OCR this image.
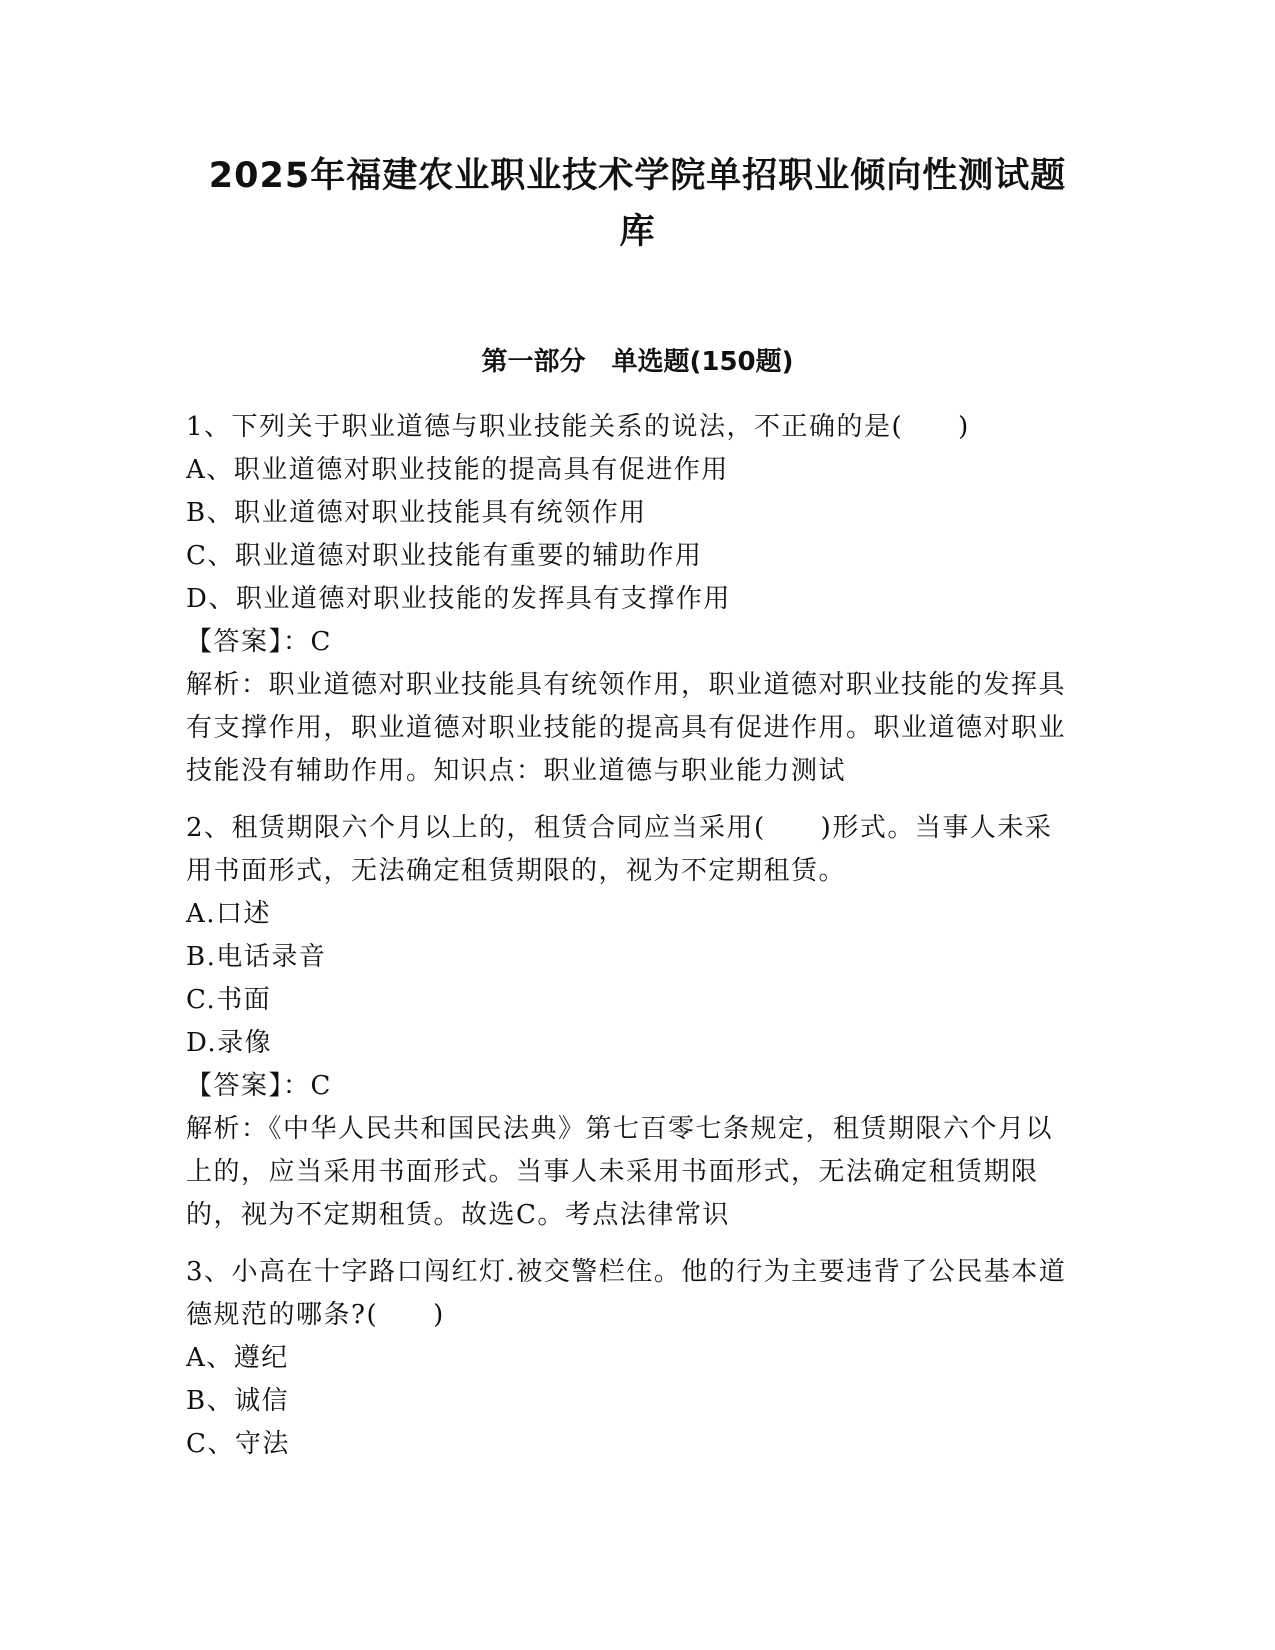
2025年福建农业职业技术学院单招职业倾向性测试题
库
第一部分　单选题(150题)
1、下列关于职业道德与职业技能关系的说法，不正确的是(　　)
A、职业道德对职业技能的提高具有促进作用
B、职业道德对职业技能具有统领作用
C、职业道德对职业技能有重要的辅助作用
D、职业道德对职业技能的发挥具有支撑作用
【答案】：C
解析：职业道德对职业技能具有统领作用，职业道德对职业技能的发挥具有支撑作用，职业道德对职业技能的提高具有促进作用。职业道德对职业技能没有辅助作用。知识点：职业道德与职业能力测试
2、租赁期限六个月以上的，租赁合同应当采用(　　)形式。当事人未采用书面形式，无法确定租赁期限的，视为不定期租赁。
A.口述
B.电话录音
C.书面
D.录像
【答案】：C
解析：《中华人民共和国民法典》第七百零七条规定，租赁期限六个月以上的，应当采用书面形式。当事人未采用书面形式，无法确定租赁期限的，视为不定期租赁。故选C。考点法律常识
3、小高在十字路口闯红灯.被交警栏住。他的行为主要违背了公民基本道德规范的哪条?(　　)
A、遵纪
B、诚信
C、守法
